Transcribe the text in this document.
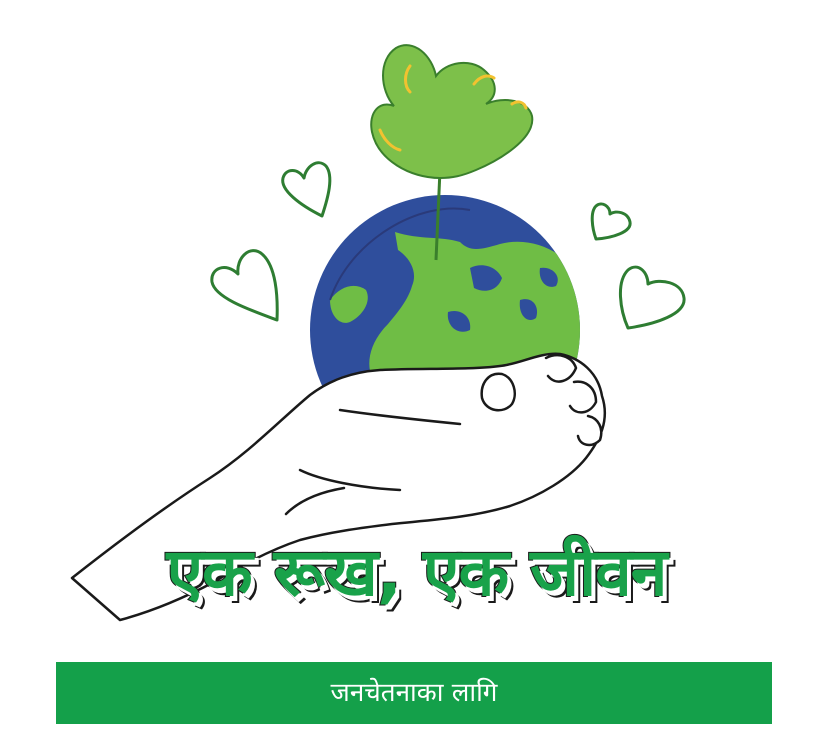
एक रूख, एक जीवन
जनचेतनाका लागि
